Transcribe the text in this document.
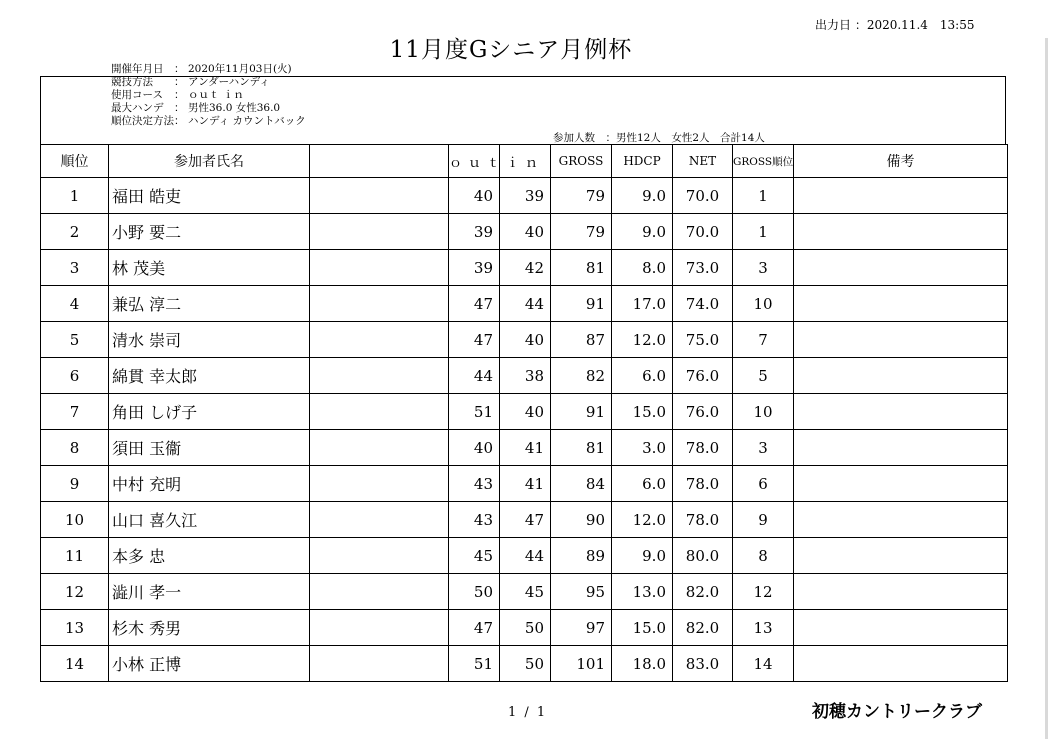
出力日 ：2020.11.4　13:55
11月度Gシニア月例杯
開催年月日	： 2020年11月03日(火)
競技方法	： アンダーハンディ
使用コース	： ｏｕｔ ｉｎ
最大ハンデ	： 男性36.0 女性36.0
順位決定方法 ： ハンディ カウントバック
参加人数　：男性12人　女性2人　合計14人
順位	参加者氏名		ｏｕｔ	ｉｎ	GROSS	HDCP	NET	GROSS順位	備考
1	福田 皓吏		40	39	79	9.0	70.0	1	
2	小野 要二		39	40	79	9.0	70.0	1	
3	林 茂美		39	42	81	8.0	73.0	3	
4	兼弘 淳二		47	44	91	17.0	74.0	10	
5	清水 崇司		47	40	87	12.0	75.0	7	
6	綿貫 幸太郎		44	38	82	6.0	76.0	5	
7	角田 しげ子		51	40	91	15.0	76.0	10	
8	須田 玉衞		40	41	81	3.0	78.0	3	
9	中村 充明		43	41	84	6.0	78.0	6	
10	山口 喜久江		43	47	90	12.0	78.0	9	
11	本多 忠		45	44	89	9.0	80.0	8	
12	澁川 孝一		50	45	95	13.0	82.0	12	
13	杉木 秀男		47	50	97	15.0	82.0	13	
14	小林 正博		51	50	101	18.0	83.0	14	
1 / 1	初穂カントリークラブ
